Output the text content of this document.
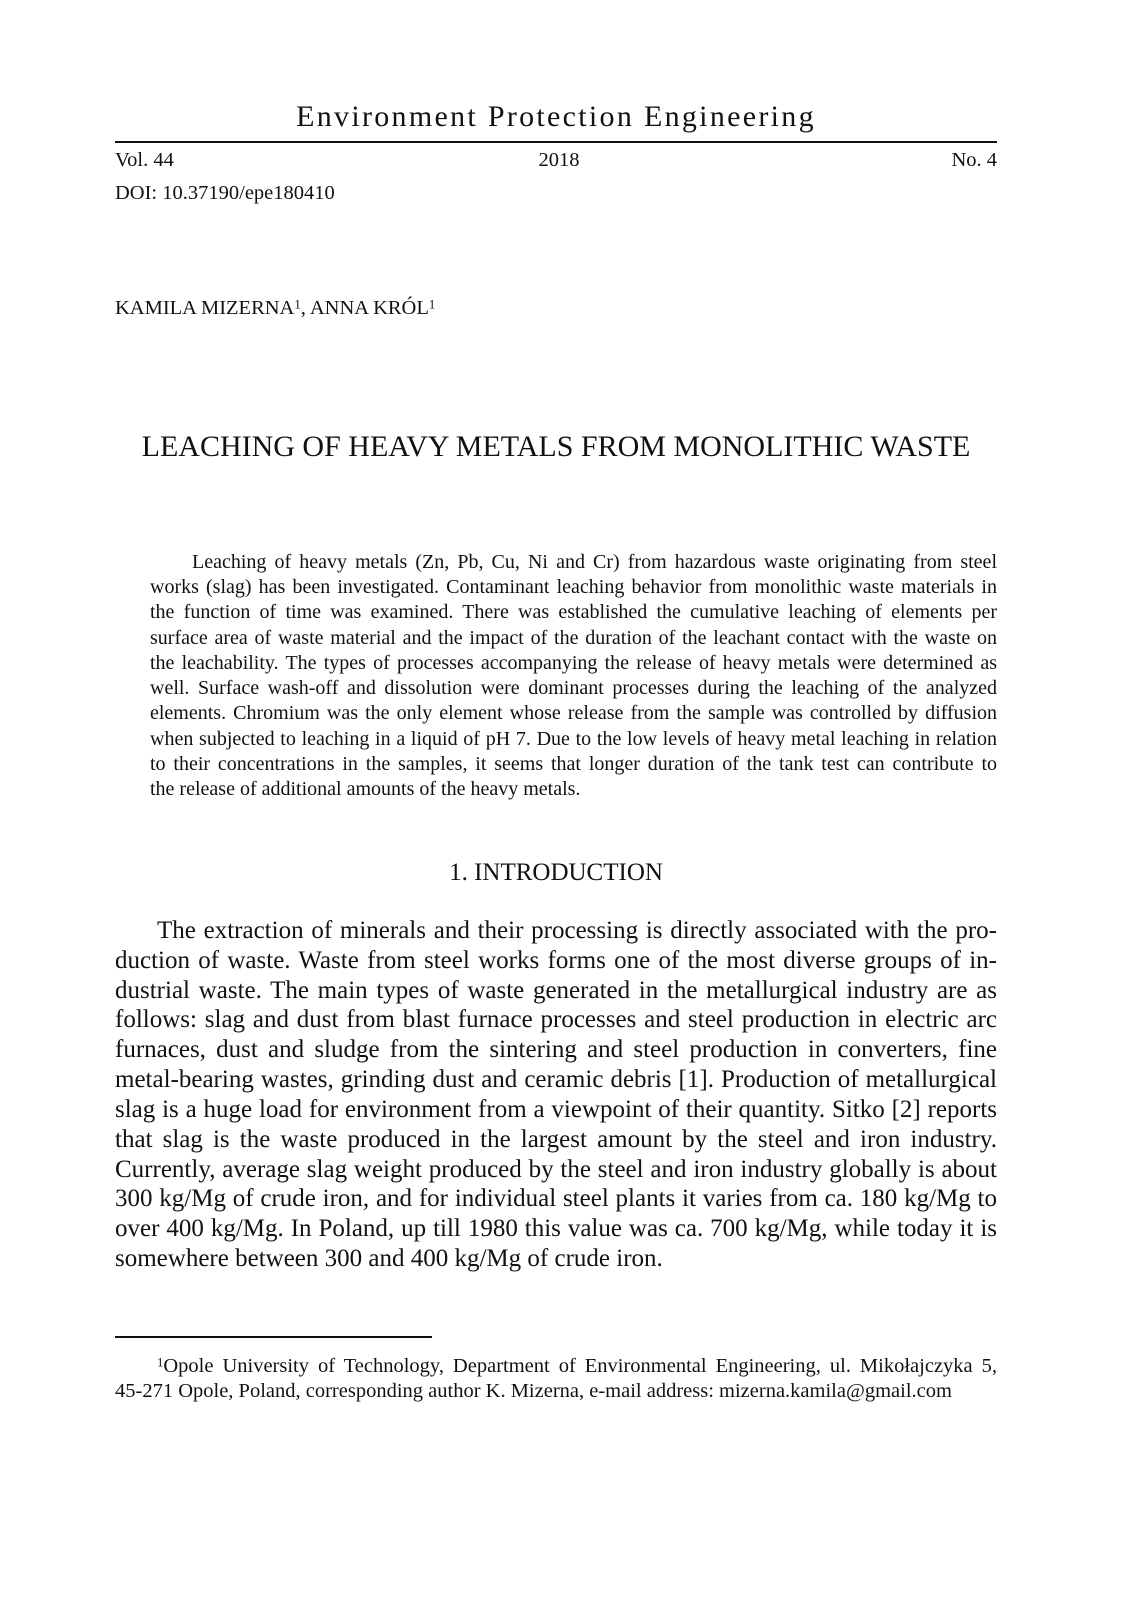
Environment Protection Engineering
Vol. 44	2018	No. 4
DOI: 10.37190/epe180410
KAMILA MIZERNA$^1$, ANNA KRÓL$^1$
LEACHING OF HEAVY METALS FROM MONOLITHIC WASTE
Leaching of heavy metals (Zn, Pb, Cu, Ni and Cr) from hazardous waste originating from steel
works (slag) has been investigated. Contaminant leaching behavior from monolithic waste materials in
the function of time was examined. There was established the cumulative leaching of elements per
surface area of waste material and the impact of the duration of the leachant contact with the waste on
the leachability. The types of processes accompanying the release of heavy metals were determined as
well. Surface wash-off and dissolution were dominant processes during the leaching of the analyzed
elements. Chromium was the only element whose release from the sample was controlled by diffusion
when subjected to leaching in a liquid of pH 7. Due to the low levels of heavy metal leaching in relation
to their concentrations in the samples, it seems that longer duration of the tank test can contribute to
the release of additional amounts of the heavy metals.
1. INTRODUCTION
The extraction of minerals and their processing is directly associated with the pro-
duction of waste. Waste from steel works forms one of the most diverse groups of in-
dustrial waste. The main types of waste generated in the metallurgical industry are as
follows: slag and dust from blast furnace processes and steel production in electric arc
furnaces, dust and sludge from the sintering and steel production in converters, fine
metal-bearing wastes, grinding dust and ceramic debris [1]. Production of metallurgical
slag is a huge load for environment from a viewpoint of their quantity. Sitko [2] reports
that slag is the waste produced in the largest amount by the steel and iron industry.
Currently, average slag weight produced by the steel and iron industry globally is about
300 kg/Mg of crude iron, and for individual steel plants it varies from ca. 180 kg/Mg to
over 400 kg/Mg. In Poland, up till 1980 this value was ca. 700 kg/Mg, while today it is
somewhere between 300 and 400 kg/Mg of crude iron.
$^1$Opole University of Technology, Department of Environmental Engineering, ul. Mikołajczyka 5,
45-271 Opole, Poland, corresponding author K. Mizerna, e-mail address: mizerna.kamila@gmail.com
